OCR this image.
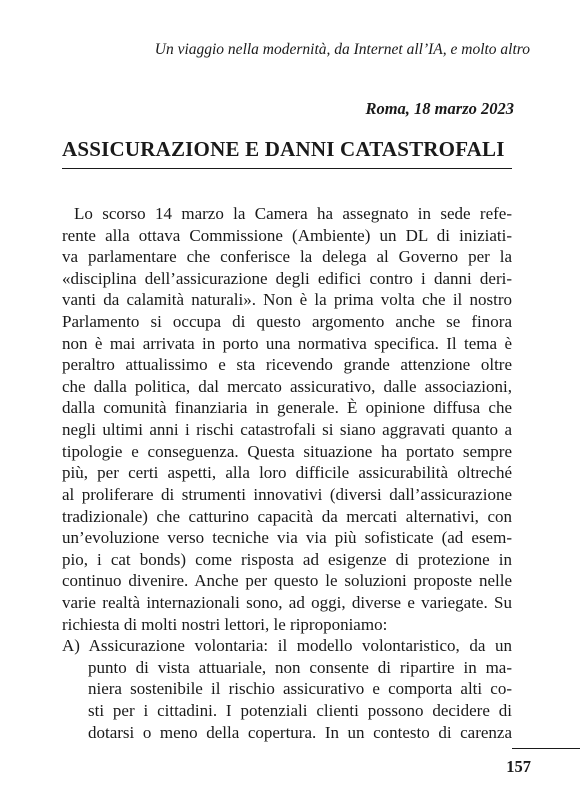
Un viaggio nella modernità, da Internet all’IA, e molto altro
Roma, 18 marzo 2023
ASSICURAZIONE E DANNI CATASTROFALI
Lo scorso 14 marzo la Camera ha assegnato in sede refe-
rente alla ottava Commissione (Ambiente) un DL di iniziati-
va parlamentare che conferisce la delega al Governo per la
«disciplina dell’assicurazione degli edifici contro i danni deri-
vanti da calamità naturali». Non è la prima volta che il nostro
Parlamento si occupa di questo argomento anche se finora
non è mai arrivata in porto una normativa specifica. Il tema è
peraltro attualissimo e sta ricevendo grande attenzione oltre
che dalla politica, dal mercato assicurativo, dalle associazioni,
dalla comunità finanziaria in generale. È opinione diffusa che
negli ultimi anni i rischi catastrofali si siano aggravati quanto a
tipologie e conseguenza. Questa situazione ha portato sempre
più, per certi aspetti, alla loro difficile assicurabilità oltreché
al proliferare di strumenti innovativi (diversi dall’assicurazione
tradizionale) che catturino capacità da mercati alternativi, con
un’evoluzione verso tecniche via via più sofisticate (ad esem-
pio, i cat bonds) come risposta ad esigenze di protezione in
continuo divenire. Anche per questo le soluzioni proposte nelle
varie realtà internazionali sono, ad oggi, diverse e variegate. Su
richiesta di molti nostri lettori, le riproponiamo:
A) Assicurazione volontaria: il modello volontaristico, da un
punto di vista attuariale, non consente di ripartire in ma-
niera sostenibile il rischio assicurativo e comporta alti co-
sti per i cittadini. I potenziali clienti possono decidere di
dotarsi o meno della copertura. In un contesto di carenza
157
